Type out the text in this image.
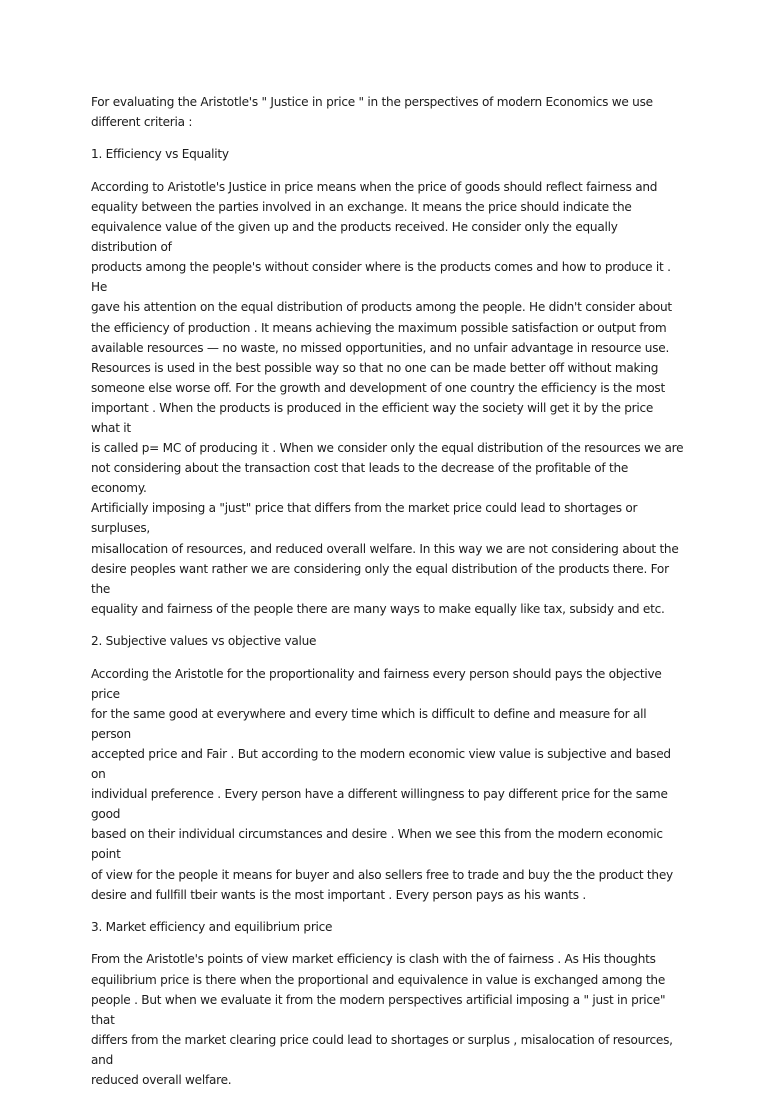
For evaluating the Aristotle's " Justice in price " in the perspectives of modern Economics we use
different criteria :

1. Efficiency vs Equality

According to Aristotle's Justice in price means when the price of goods should reflect fairness and
equality between the parties involved in an exchange. It means the price should indicate the
equivalence value of the given up and the products received. He consider only the equally distribution of
products among the people's without consider where is the products comes and how to produce it . He
gave his attention on the equal distribution of products among the people. He didn't consider about
the efficiency of production . It means achieving the maximum possible satisfaction or output from
available resources — no waste, no missed opportunities, and no unfair advantage in resource use.
Resources is used in the best possible way so that no one can be made better off without making
someone else worse off. For the growth and development of one country the efficiency is the most
important . When the products is produced in the efficient way the society will get it by the price what it
is called p= MC of producing it . When we consider only the equal distribution of the resources we are
not considering about the transaction cost that leads to the decrease of the profitable of the economy.
Artificially imposing a "just" price that differs from the market price could lead to shortages or surpluses,
misallocation of resources, and reduced overall welfare. In this way we are not considering about the
desire peoples want rather we are considering only the equal distribution of the products there. For the
equality and fairness of the people there are many ways to make equally like tax, subsidy and etc.

2. Subjective values vs objective value

According the Aristotle for the proportionality and fairness every person should pays the objective price
for the same good at everywhere and every time which is difficult to define and measure for all person
accepted price and Fair . But according to the modern economic view value is subjective and based on
individual preference . Every person have a different willingness to pay different price for the same good
based on their individual circumstances and desire . When we see this from the modern economic point
of view for the people it means for buyer and also sellers free to trade and buy the the product they
desire and fullfill tbeir wants is the most important . Every person pays as his wants .

3. Market efficiency and equilibrium price

From the Aristotle's points of view market efficiency is clash with the of fairness . As His thoughts
equilibrium price is there when the proportional and equivalence in value is exchanged among the
people . But when we evaluate it from the modern perspectives artificial imposing a " just in price" that
differs from the market clearing price could lead to shortages or surplus , misalocation of resources, and
reduced overall welfare.
